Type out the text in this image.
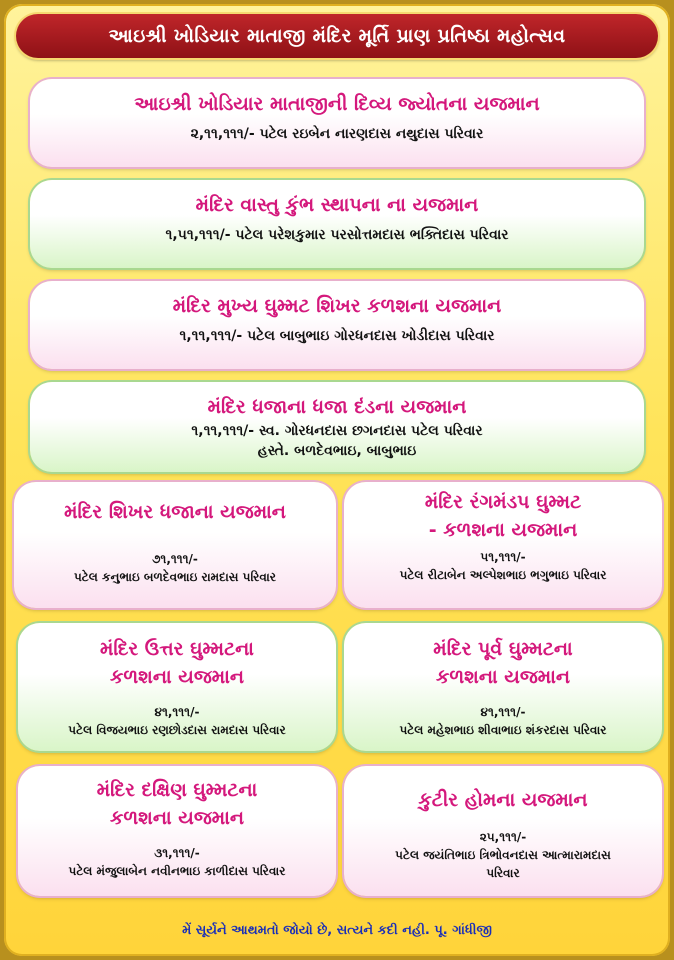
આઇશ્રી ખોડિયાર માતાજી મંદિર મૂર્તિ પ્રાણ પ્રતિષ્ઠા મહોત્સવ
આઇશ્રી ખોડિયાર માતાજીની દિવ્ય જ્યોતના યજમાન
૨,૧૧,૧૧૧/- પટેલ રઇબેન નારણદાસ નથુદાસ પરિવાર
મંદિર વાસ્તુ કુંભ સ્થાપના ના યજમાન
૧,૫૧,૧૧૧/- પટેલ પરેશકુમાર પરસોત્તમદાસ ભક્તિદાસ પરિવાર
મંદિર મુખ્ય ઘુમ્મટ શિખર કળશના યજમાન
૧,૧૧,૧૧૧/- પટેલ બાબુભાઇ ગોરધનદાસ ખોડીદાસ પરિવાર
મંદિર ધજાના ધજા દંડના યજમાન
૧,૧૧,૧૧૧/- સ્વ. ગોરધનદાસ છગનદાસ પટેલ પરિવાર
હસ્તે. બળદેવભાઇ, બાબુભાઇ
મંદિર શિખર ધજાના યજમાન
૭૧,૧૧૧/-
પટેલ કનુભાઇ બળદેવભાઇ રામદાસ પરિવાર
મંદિર રંગમંડપ ઘુમ્મટ
- કળશના યજમાન
૫૧,૧૧૧/-
પટેલ રીટાબેન અલ્પેશભાઇ ભગુભાઇ પરિવાર
મંદિર ઉત્તર ઘુમ્મટના
કળશના યજમાન
૪૧,૧૧૧/-
પટેલ વિજયભાઇ રણછોડદાસ રામદાસ પરિવાર
મંદિર પૂર્વ ઘુમ્મટના
કળશના યજમાન
૪૧,૧૧૧/-
પટેલ મહેશભાઇ શીવાભાઇ શંકરદાસ પરિવાર
મંદિર દક્ષિણ ઘુમ્મટના
કળશના યજમાન
૩૧,૧૧૧/-
પટેલ મંજુલાબેન નવીનભાઇ કાળીદાસ પરિવાર
કુટીર હોમના યજમાન
૨૫,૧૧૧/-
પટેલ જયંતિભાઇ ત્રિભોવનદાસ આત્મારામદાસ
પરિવાર
મેં સૂર્યને આથમતો જોયો છે, સત્યને કદી નહી. પૂ. ગાંધીજી
